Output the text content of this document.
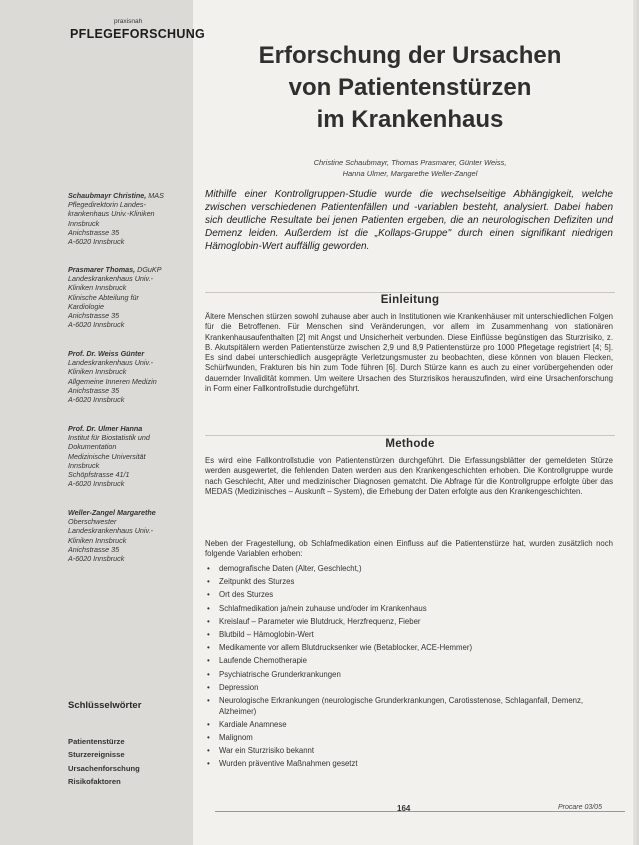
praxisnah
PFLEGEFORSCHUNG
Erforschung der Ursachen
von Patientenstürzen
im Krankenhaus
Christine Schaubmayr, Thomas Prasmarer, Günter Weiss,
Hanna Ulmer, Margarethe Weller-Zangel
Schaubmayr Christine, MAS
Pflegedirektorin Landes-
krankenhaus Univ.-Kliniken
Innsbruck
Anichstrasse 35
A-6020 Innsbruck
Prasmarer Thomas, DGuKP
Landeskrankenhaus Univ.-
Kliniken Innsbruck
Klinische Abteilung für
Kardiologie
Anichstrasse 35
A-6020 Innsbruck
Prof. Dr. Weiss Günter
Landeskrankenhaus Univ.-
Kliniken Innsbruck
Allgemeine Inneren Medizin
Anichstrasse 35
A-6020 Innsbruck
Prof. Dr. Ulmer Hanna
Institut für Biostatistik und
Dokumentation
Medizinische Universität
Innsbruck
Schöpfstrasse 41/1
A-6020 Innsbruck
Weller-Zangel Margarethe
Oberschwester
Landeskrankenhaus Univ.-
Kliniken Innsbruck
Anichstrasse 35
A-6020 Innsbruck
Mithilfe einer Kontrollgruppen-Studie wurde die wechselseitige Abhängigkeit, welche zwischen verschiedenen Patientenfällen und -variablen besteht, analysiert. Dabei haben sich deutliche Resultate bei jenen Patienten ergeben, die an neurologischen Defiziten und Demenz leiden. Außerdem ist die „Kollaps-Gruppe" durch einen signifikant niedrigen Hämoglobin-Wert auffällig geworden.
Einleitung
Ältere Menschen stürzen sowohl zuhause aber auch in Institutionen wie Krankenhäuser mit unterschiedlichen Folgen für die Betroffenen. Für Menschen sind Veränderungen, vor allem im Zusammenhang von stationären Krankenhausaufenthalten [2] mit Angst und Unsicherheit verbunden. Diese Einflüsse begünstigen das Sturzrisiko, z. B. Akutspitälern werden Patientenstürze zwischen 2,9 und 8,9 Patientenstürze pro 1000 Pflegetage registriert [4; 5]. Es sind dabei unterschiedlich ausgeprägte Verletzungsmuster zu beobachten, diese können von blauen Flecken, Schürfwunden, Frakturen bis hin zum Tode führen [6]. Durch Stürze kann es auch zu einer vorübergehenden oder dauernder Invalidität kommen. Um weitere Ursachen des Sturzrisikos herauszufinden, wird eine Ursachenforschung in Form einer Fallkontrollstudie durchgeführt.
Methode
Es wird eine Fallkontrollstudie von Patientenstürzen durchgeführt. Die Erfassungsblätter der gemeldeten Stürze werden ausgewertet, die fehlenden Daten werden aus den Krankengeschichten erhoben. Die Kontrollgruppe wurde nach Geschlecht, Alter und medizinischer Diagnosen gematcht. Die Abfrage für die Kontrollgruppe erfolgte über das MEDAS (Medizinisches – Auskunft – System), die Erhebung der Daten erfolgte aus den Krankengeschichten.
Neben der Fragestellung, ob Schlafmedikation einen Einfluss auf die Patientenstürze hat, wurden zusätzlich noch folgende Variablen erhoben:
• demografische Daten (Alter, Geschlecht,)
• Zeitpunkt des Sturzes
• Ort des Sturzes
• Schlafmedikation ja/nein zuhause und/oder im Krankenhaus
• Kreislauf – Parameter wie Blutdruck, Herzfrequenz, Fieber
• Blutbild – Hämoglobin-Wert
• Medikamente vor allem Blutdrucksenker wie (Betablocker, ACE-Hemmer)
• Laufende Chemotherapie
• Psychiatrische Grunderkrankungen
• Depression
• Neurologische Erkrankungen (neurologische Grunderkrankungen, Carotisstenose, Schlaganfall, Demenz, Alzheimer)
• Kardiale Anamnese
• Malignom
• War ein Sturzrisiko bekannt
• Wurden präventive Maßnahmen gesetzt
Schlüsselwörter
Patientenstürze
Sturzereignisse
Ursachenforschung
Risikofaktoren
164	Procare 03/05
